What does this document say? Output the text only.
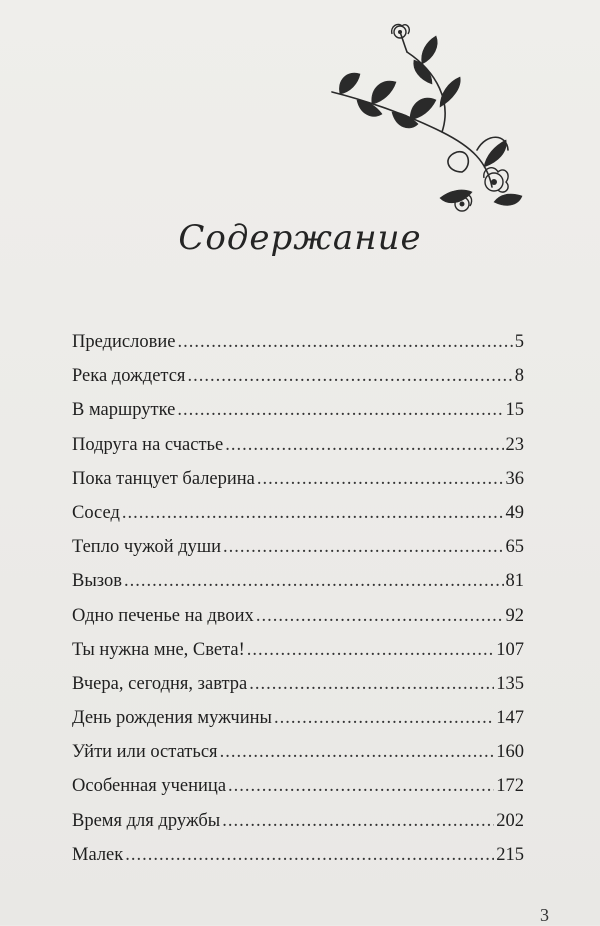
Содержание
Предисловие .....	5
Река дождется .....	8
В маршрутке .....	15
Подруга на счастье .....	23
Пока танцует балерина .....	36
Сосед .....	49
Тепло чужой души .....	65
Вызов .....	81
Одно печенье на двоих .....	92
Ты нужна мне, Света! .....	107
Вчера, сегодня, завтра .....	135
День рождения мужчины .....	147
Уйти или остаться .....	160
Особенная ученица .....	172
Время для дружбы .....	202
Малек .....	215
3
